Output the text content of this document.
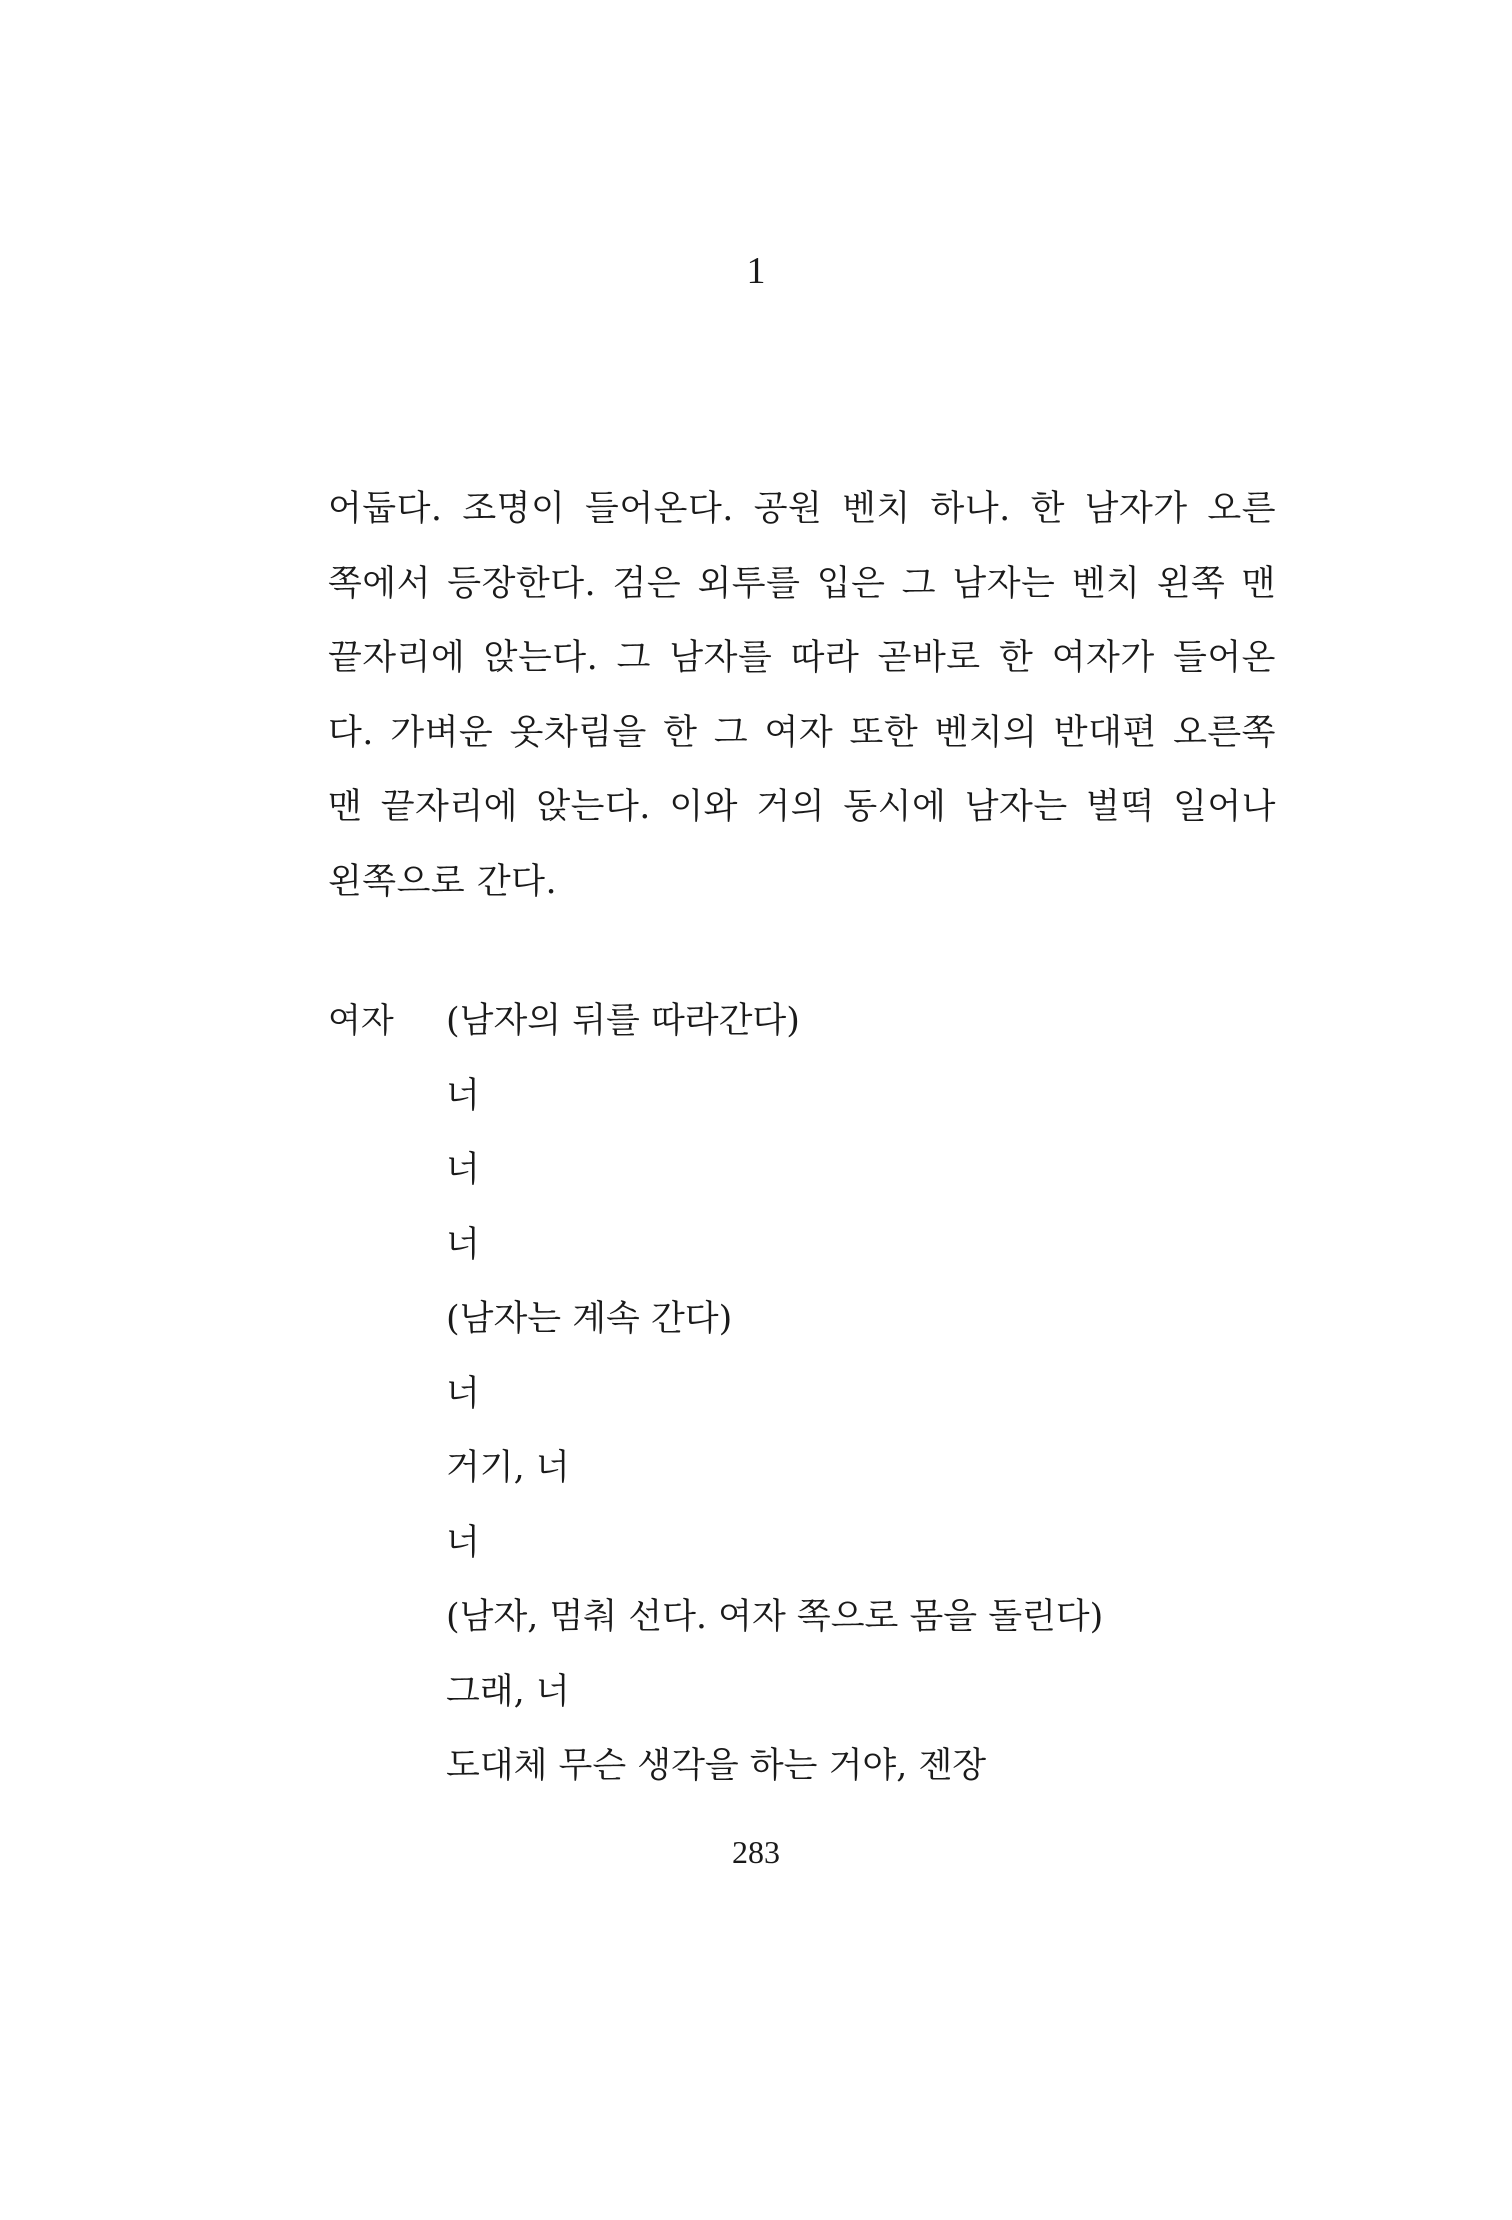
1
어둡다. 조명이 들어온다. 공원 벤치 하나. 한 남자가 오른
쪽에서 등장한다. 검은 외투를 입은 그 남자는 벤치 왼쪽 맨
끝자리에 앉는다. 그 남자를 따라 곧바로 한 여자가 들어온
다. 가벼운 옷차림을 한 그 여자 또한 벤치의 반대편 오른쪽
맨 끝자리에 앉는다. 이와 거의 동시에 남자는 벌떡 일어나
왼쪽으로 간다.
여자 (남자의 뒤를 따라간다)
너
너
너
(남자는 계속 간다)
너
거기, 너
너
(남자, 멈춰 선다. 여자 쪽으로 몸을 돌린다)
그래, 너
도대체 무슨 생각을 하는 거야, 젠장
283
